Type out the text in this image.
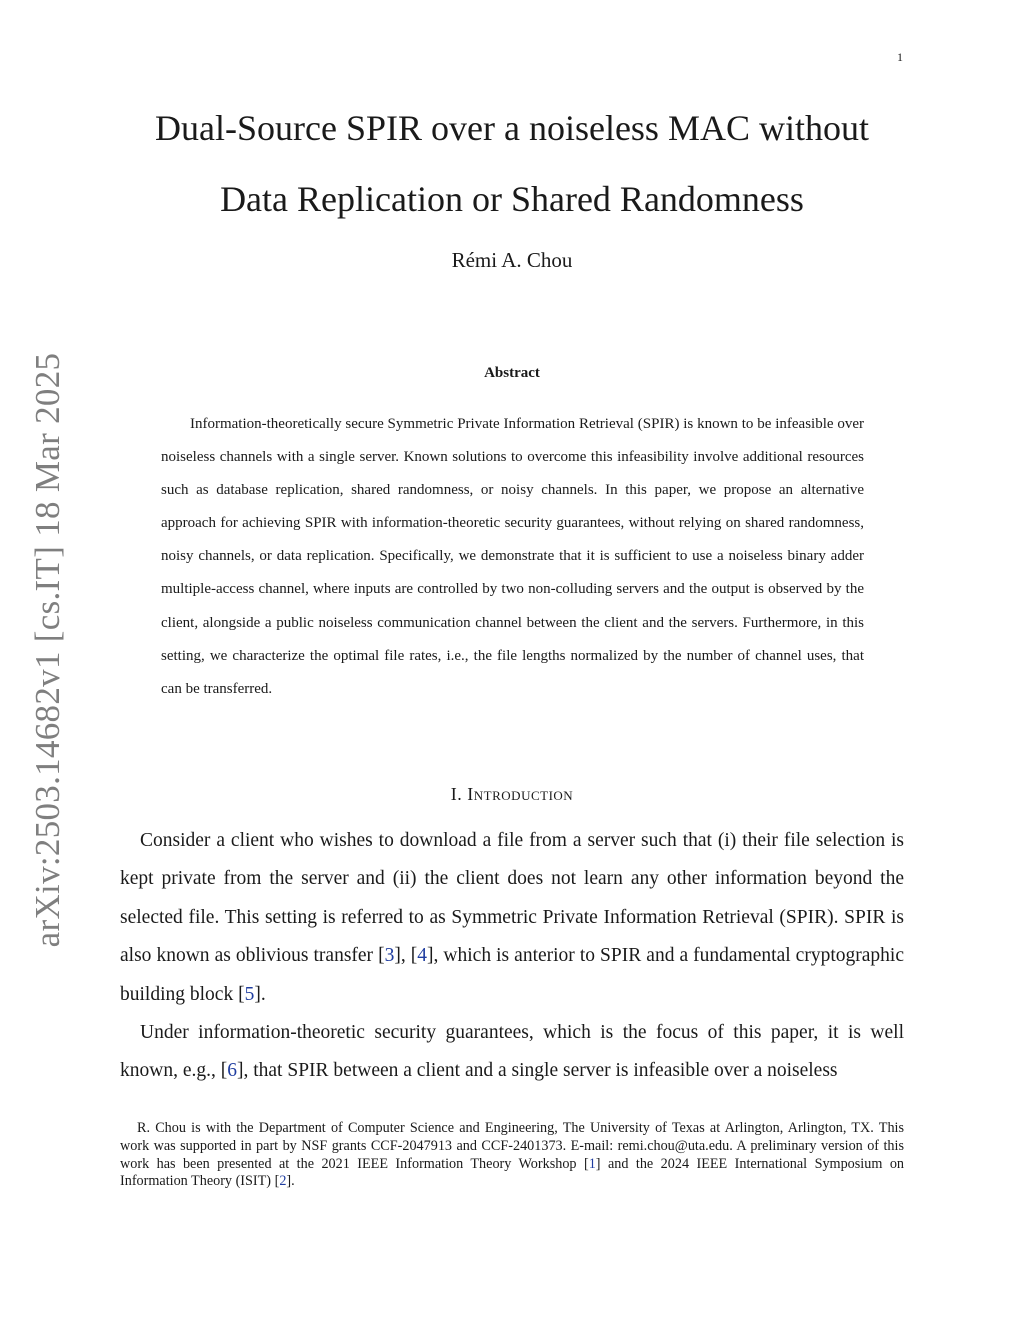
1
arXiv:2503.14682v1 [cs.IT] 18 Mar 2025
Dual-Source SPIR over a noiseless MAC without
Data Replication or Shared Randomness
Rémi A. Chou
Abstract

Information-theoretically secure Symmetric Private Information Retrieval (SPIR) is known to be infeasible over noiseless channels with a single server. Known solutions to overcome this infeasibility involve additional resources such as database replication, shared randomness, or noisy channels. In this paper, we propose an alternative approach for achieving SPIR with information-theoretic security guarantees, without relying on shared randomness, noisy channels, or data replication. Specifically, we demonstrate that it is sufficient to use a noiseless binary adder multiple-access channel, where inputs are controlled by two non-colluding servers and the output is observed by the client, alongside a public noiseless communication channel between the client and the servers. Furthermore, in this setting, we characterize the optimal file rates, i.e., the file lengths normalized by the number of channel uses, that can be transferred.

I. Introduction

Consider a client who wishes to download a file from a server such that (i) their file selection is kept private from the server and (ii) the client does not learn any other information beyond the selected file. This setting is referred to as Symmetric Private Information Retrieval (SPIR). SPIR is also known as oblivious transfer [3], [4], which is anterior to SPIR and a fundamental cryptographic building block [5].

Under information-theoretic security guarantees, which is the focus of this paper, it is well known, e.g., [6], that SPIR between a client and a single server is infeasible over a noiseless

R. Chou is with the Department of Computer Science and Engineering, The University of Texas at Arlington, Arlington, TX. This work was supported in part by NSF grants CCF-2047913 and CCF-2401373. E-mail: remi.chou@uta.edu. A preliminary version of this work has been presented at the 2021 IEEE Information Theory Workshop [1] and the 2024 IEEE International Symposium on Information Theory (ISIT) [2].
